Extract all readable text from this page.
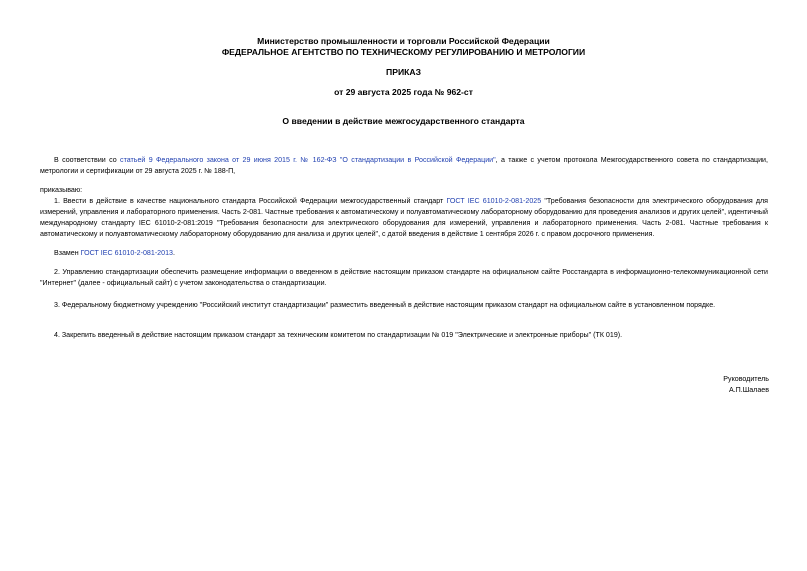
Министерство промышленности и торговли Российской Федерации
ФЕДЕРАЛЬНОЕ АГЕНТСТВО ПО ТЕХНИЧЕСКОМУ РЕГУЛИРОВАНИЮ И МЕТРОЛОГИИ
ПРИКАЗ
от 29 августа 2025 года № 962-ст
О введении в действие межгосударственного стандарта
В соответствии со статьей 9 Федерального закона от 29 июня 2015 г. № 162-ФЗ "О стандартизации в Российской Федерации", а также с учетом протокола Межгосударственного совета по стандартизации, метрологии и сертификации от 29 августа 2025 г. № 188-П,
приказываю:
1. Ввести в действие в качестве национального стандарта Российской Федерации межгосударственный стандарт ГОСТ IEC 61010-2-081-2025 "Требования безопасности для электрического оборудования для измерений, управления и лабораторного применения. Часть 2-081. Частные требования к автоматическому и полуавтоматическому лабораторному оборудованию для проведения анализов и других целей", идентичный международному стандарту IEC 61010-2-081:2019 "Требования безопасности для электрического оборудования для измерений, управления и лабораторного применения. Часть 2-081. Частные требования к автоматическому и полуавтоматическому лабораторному оборудованию для анализа и других целей", с датой введения в действие 1 сентября 2026 г. с правом досрочного применения.
Взамен ГОСТ IEC 61010-2-081-2013.
2. Управлению стандартизации обеспечить размещение информации о введенном в действие настоящим приказом стандарте на официальном сайте Росстандарта в информационно-телекоммуникационной сети "Интернет" (далее - официальный сайт) с учетом законодательства о стандартизации.
3. Федеральному бюджетному учреждению "Российский институт стандартизации" разместить введенный в действие настоящим приказом стандарт на официальном сайте в установленном порядке.
4. Закрепить введенный в действие настоящим приказом стандарт за техническим комитетом по стандартизации № 019 "Электрические и электронные приборы" (ТК 019).
Руководитель
А.П.Шалаев
